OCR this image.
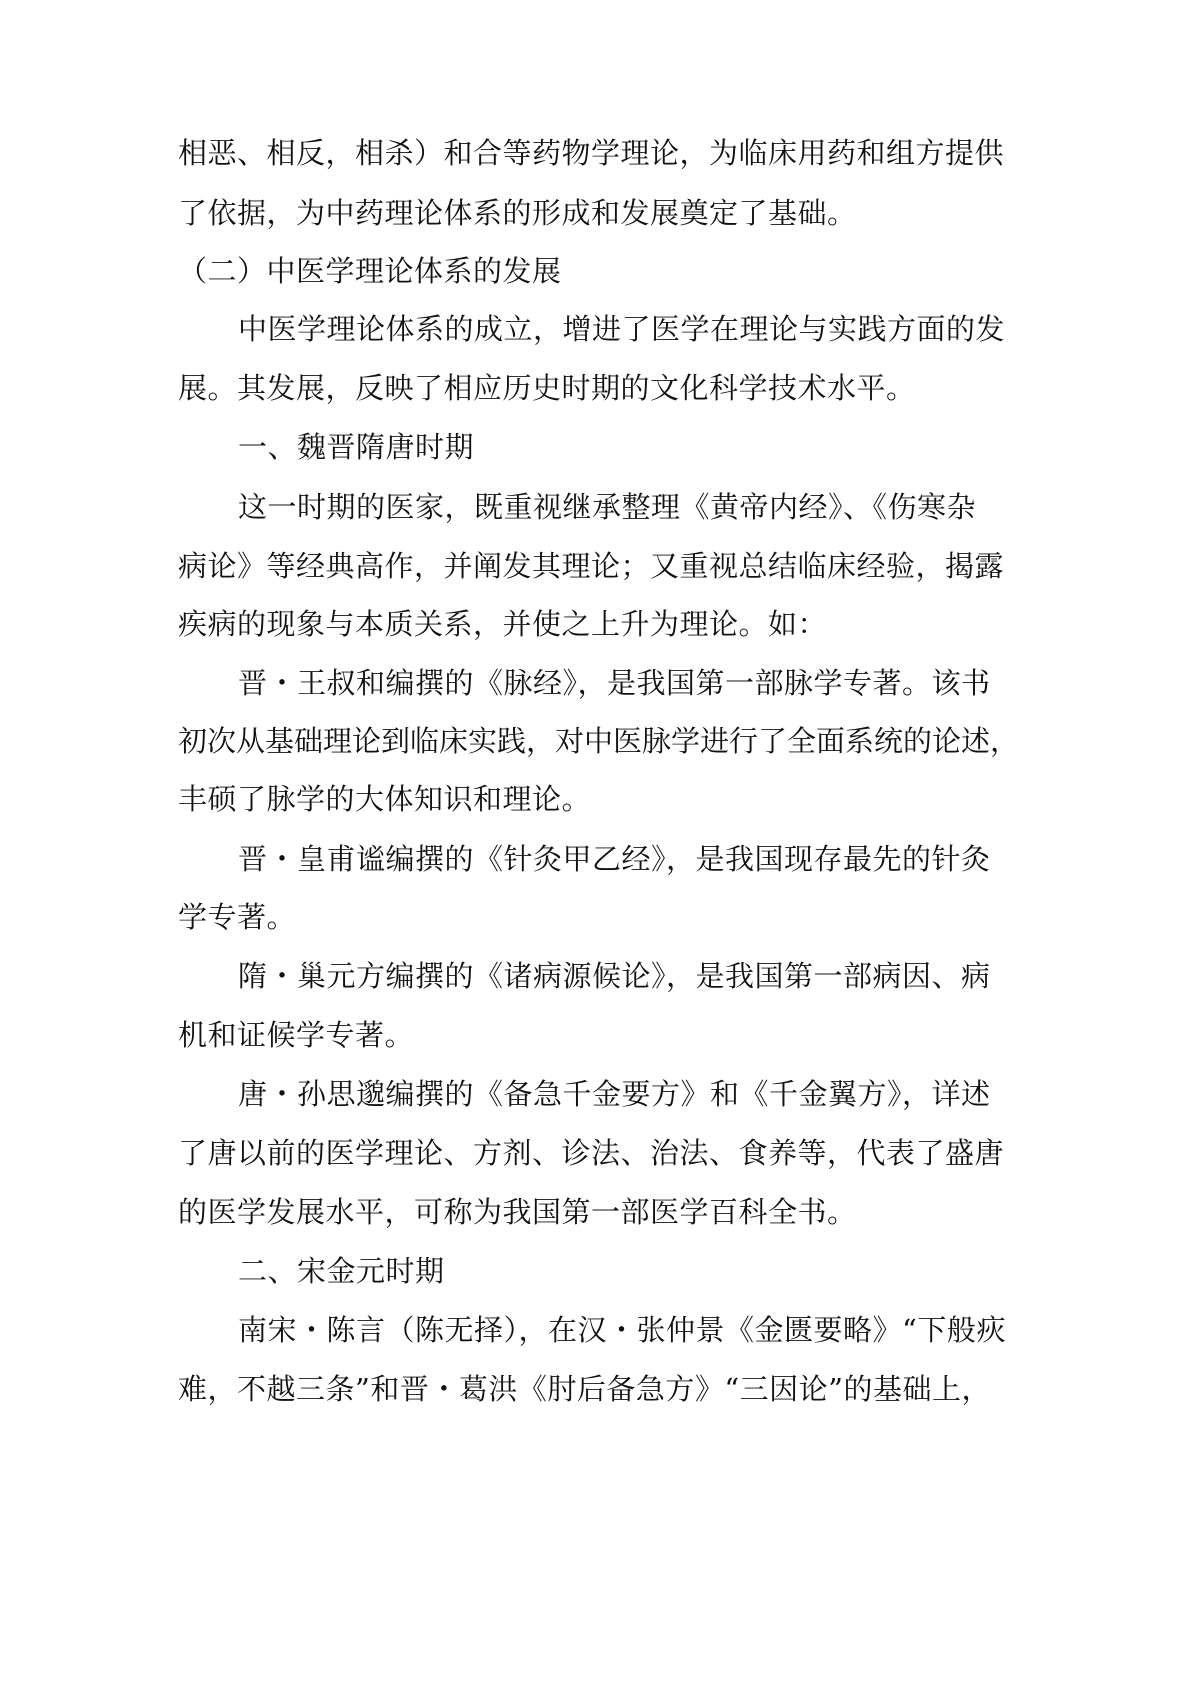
相恶、相反，相杀）和合等药物学理论，为临床用药和组方提供
了依据，为中药理论体系的形成和发展奠定了基础。
（二）中医学理论体系的发展
中医学理论体系的成立，增进了医学在理论与实践方面的发
展。其发展，反映了相应历史时期的文化科学技术水平。
一、魏晋隋唐时期
这一时期的医家，既重视继承整理《黄帝内经》、《伤寒杂
病论》等经典高作，并阐发其理论；又重视总结临床经验，揭露
疾病的现象与本质关系，并使之上升为理论。如：
晋・王叔和编撰的《脉经》，是我国第一部脉学专著。该书
初次从基础理论到临床实践，对中医脉学进行了全面系统的论述，
丰硕了脉学的大体知识和理论。
晋・皇甫谧编撰的《针灸甲乙经》，是我国现存最先的针灸
学专著。
隋・巢元方编撰的《诸病源候论》，是我国第一部病因、病
机和证候学专著。
唐・孙思邈编撰的《备急千金要方》和《千金翼方》，详述
了唐以前的医学理论、方剂、诊法、治法、食养等，代表了盛唐
的医学发展水平，可称为我国第一部医学百科全书。
二、宋金元时期
南宋・陈言（陈无择），在汉・张仲景《金匮要略》“下般疢
难，不越三条”和晋・葛洪《肘后备急方》“三因论”的基础上，
